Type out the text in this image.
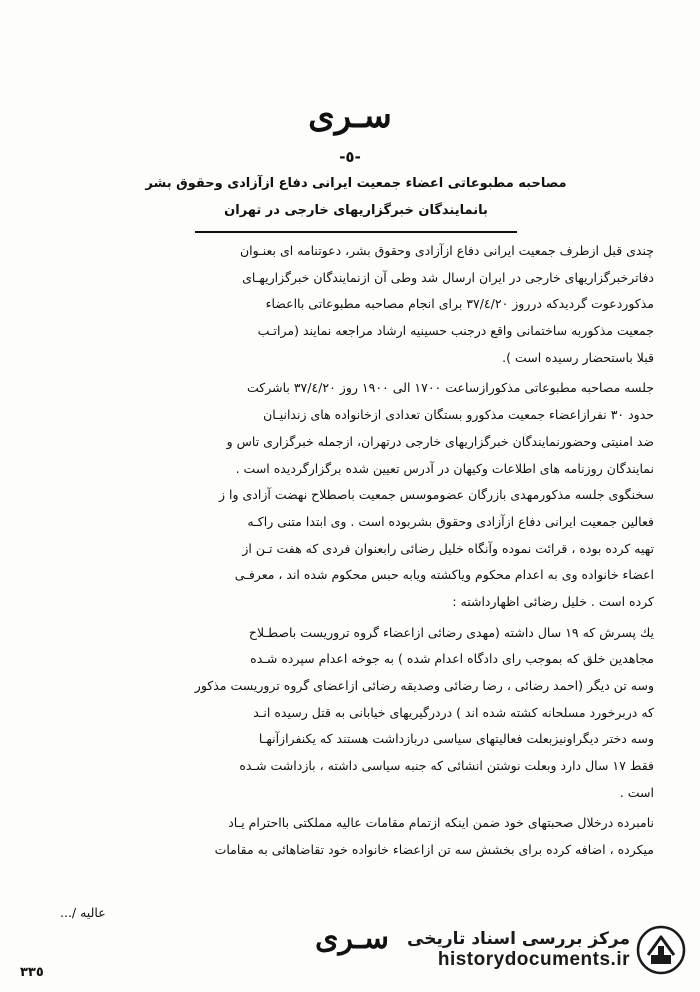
سـرى
-٥-
مصاحبه مطبوعاتى اعضاء جمعيت ايرانى دفاع ازآزادى وحقوق بشر
بانمايندگان خبرگزاريهاى خارجى در تهران
چندى قبل ازطرف جمعيت ايرانى دفاع ازآزادى وحقوق بشر، دعوتنامه اى بعنـوان
دفاترخبرگزاريهاى خارجى در ايران ارسال شد وطى آن ازنمايندگان خبرگزاريهـاى
مذكوردعوت گرديدكه درروز ٣٧/٤/٢٠ براى انجام مصاحبه مطبوعاتى بااعضاء
جمعيت مذكوربه ساختمانى واقع درجنب حسينيه ارشاد مراجعه نمايند (مراتـب
قبلا باستحضار رسيده است ).
جلسه مصاحبه مطبوعاتى مذكورازساعت ١٧٠٠ الى ١٩٠٠ روز ٣٧/٤/٢٠ باشركت
حدود ٣٠ نفرازاعضاء جمعيت مذكورو بستگان تعدادى ازخانواده هاى زندانيـان
ضد امنيتى وحضورنمايندگان خبرگزاريهاى خارجى درتهران، ازجمله خبرگزارى تاس و
نمايندگان روزنامه هاى اطلاعات وكيهان در آدرس تعيين شده برگزارگرديده است .
سخنگوى جلسه مذكورمهدى بازرگان عضوموسس جمعيت باصطلاح نهضت آزادى وا ز
فعالين جمعيت ايرانى دفاع ازآزادى وحقوق بشربوده است . وى ابتدا متنى راكـه
تهيه كرده بوده ، قرائت نموده وآنگاه خليل رضائى رابعنوان فردى كه هفت تـن از
اعضاء خانواده وى به اعدام محكوم وياكشته ويابه حبس محكوم شده اند ، معرفـى
كرده است . خليل رضائى اظهارداشته :
يك پسرش كه ١٩ سال داشته (مهدى رضائى ازاعضاء گروه تروريست باصطـلاح
مجاهدين خلق كه بموجب راى دادگاه اعدام شده ) به جوخه اعدام سپرده شـده
وسه تن ديگر (احمد رضائى ، رضا رضائى وصديقه رضائى ازاعضاى گروه تروريست مذكور
كه دربرخورد مسلحانه كشته شده اند ) دردرگيريهاى خيابانى به قتل رسيده انـد
وسه دختر ديگراونيزبعلت فعاليتهاى سياسى دربازداشت هستند كه يكنفرازآنهـا
فقط ١٧ سال دارد وبعلت نوشتن انشائى كه جنبه سياسى داشته ، بازداشت شـده
است .
نامبرده درخلال صحبتهاى خود ضمن اينكه ازتمام مقامات عاليه مملكتى بااحترام يـاد
ميكرده ، اضافه كرده براى بخشش سه تن ازاعضاء خانواده خود تقاضاهائى به مقامات
عاليه /...
سـرى
٣٣٥
مرکز بررسی اسناد تاریخی
historydocuments.ir
